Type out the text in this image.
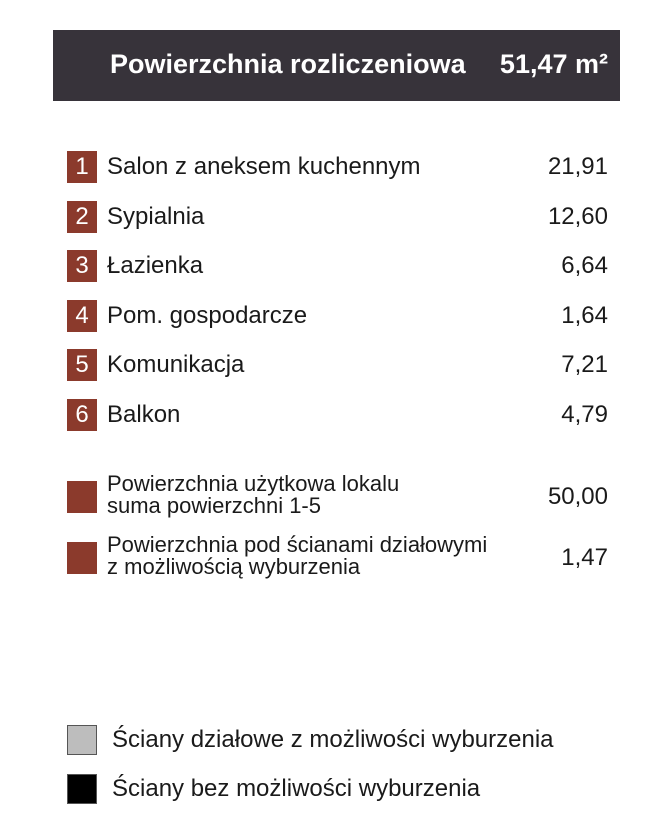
Powierzchnia rozliczeniowa 51,47 m²
1 Salon z aneksem kuchennym	21,91
2 Sypialnia	12,60
3 Łazienka	6,64
4 Pom. gospodarcze	1,64
5 Komunikacja	7,21
6 Balkon	4,79
Powierzchnia użytkowa lokalu
suma powierzchni 1-5	50,00
Powierzchnia pod ścianami działowymi
z możliwością wyburzenia	1,47
Ściany działowe z możliwości wyburzenia
Ściany bez możliwości wyburzenia
